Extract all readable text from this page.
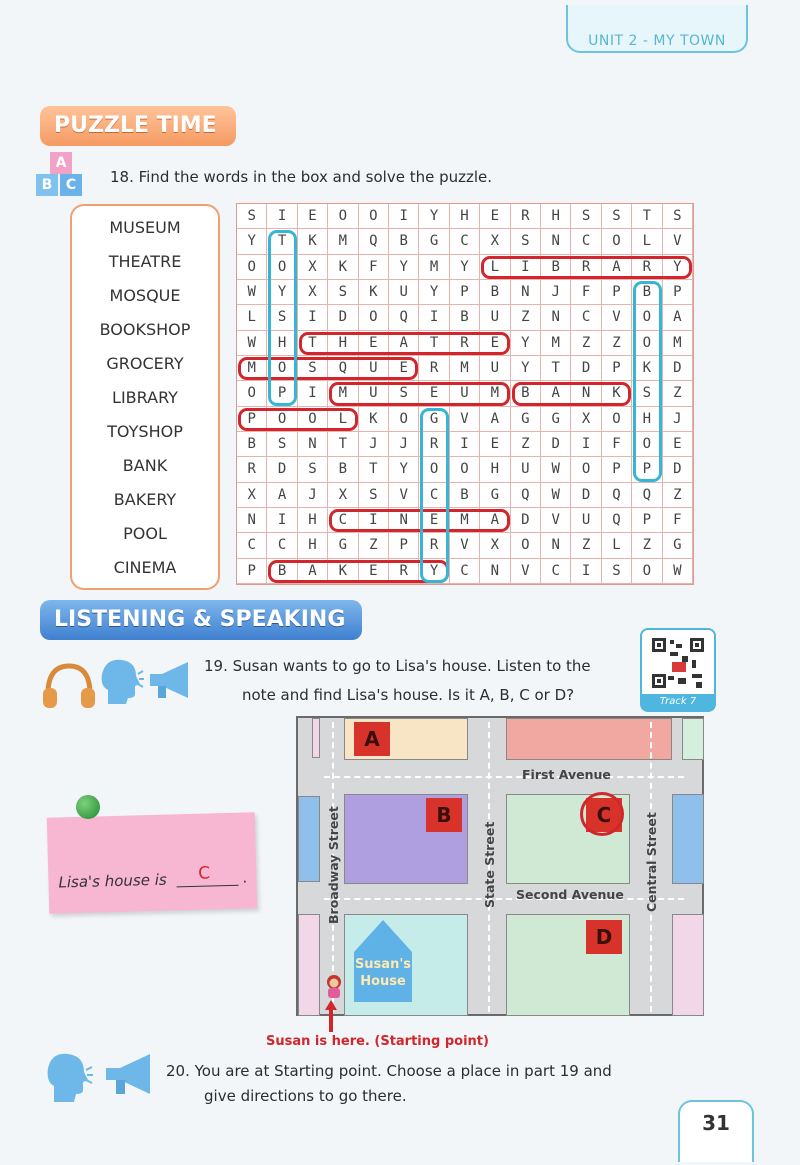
UNIT 2 - MY TOWN
PUZZLE TIME
A
B C	18. Find the words in the box and solve the puzzle.
MUSEUM
THEATRE
MOSQUE
BOOKSHOP
GROCERY
LIBRARY
TOYSHOP
BANK
BAKERY
POOL
CINEMA
S	I	E	O	O	I	Y	H	E	R	H	S	S	T	S
Y	T	K	M	Q	B	G	C	X	S	N	C	O	L	V
O	O	X	K	F	Y	M	Y	L	I	B	R	A	R	Y
W	Y	X	S	K	U	Y	P	B	N	J	F	P	B	P
L	S	I	D	O	Q	I	B	U	Z	N	C	V	O	A
W	H	T	H	E	A	T	R	E	Y	M	Z	Z	O	M
M	O	S	Q	U	E	R	M	U	Y	T	D	P	K	D
O	P	I	M	U	S	E	U	M	B	A	N	K	S	Z
P	O	O	L	K	O	G	V	A	G	G	X	O	H	J
B	S	N	T	J	J	R	I	E	Z	D	I	F	O	E
R	D	S	B	T	Y	O	O	H	U	W	O	P	P	D
X	A	J	X	S	V	C	B	G	Q	W	D	Q	Q	Z
N	I	H	C	I	N	E	M	A	D	V	U	Q	P	F
C	C	H	G	Z	P	R	V	X	O	N	Z	L	Z	G
P	B	A	K	E	R	Y	C	N	V	C	I	S	O	W
LISTENING & SPEAKING
19. Susan wants to go to Lisa's house. Listen to the
note and find Lisa's house. Is it A, B, C or D?	Track 7
Lisa's house is C .
A
B	C
D
First Avenue
Second Avenue
Broadway Street	State Street	Central Street
Susan's
House
Susan is here. (Starting point)
20. You are at Starting point. Choose a place in part 19 and
give directions to go there.
31
